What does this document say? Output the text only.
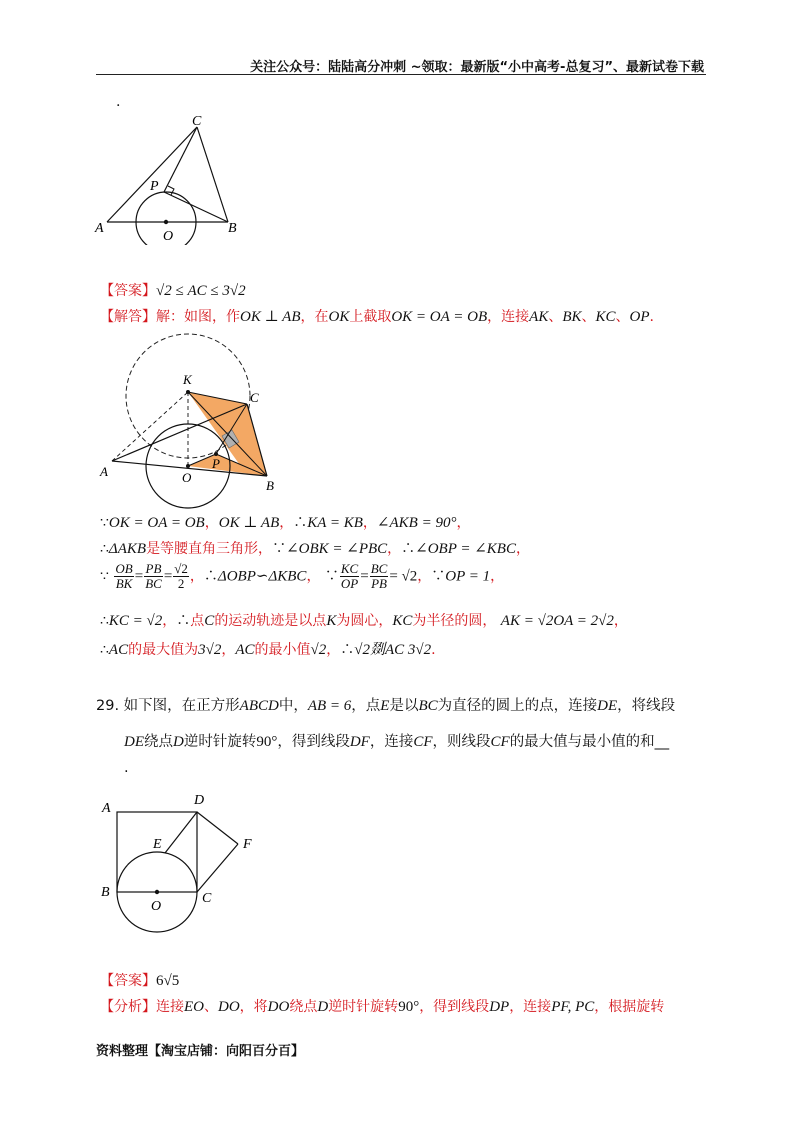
关注公众号：陆陆高分冲刺 ~领取：最新版“小中高考-总复习”、最新试卷下载
.
C
P
A
O
B
【答案】√2 ≤ AC ≤ 3√2
【解答】解：如图，作OK ⊥ AB，在OK上截取OK = OA = OB，连接AK、BK、KC、OP.
K
C
P
A	O
B
∵OK = OA = OB，OK ⊥ AB，∴KA = KB，∠AKB = 90°，
∴ΔAKB是等腰直角三角形，∵∠OBK = ∠PBC，∴∠OBP = ∠KBC，
∵ $\frac{OB}{BK} = \frac{PB}{BC} = \frac{√2}{2}$ ，∴ΔOBP∽ΔKBC， ∵ $\frac{KC}{OP} = \frac{BC}{PB} = √2$，∵OP = 1，
∴KC = √2，∴点C的运动轨迹是以点K为圆心，KC为半径的圆， AK = √2OA = 2√2，
∴AC的最大值为3√2，AC的最小值√2，∴√2剟AC 3√2.
29. 如下图，在正方形ABCD中，AB = 6，点E是以BC为直径的圆上的点，连接DE，将线段
DE绕点D逆时针旋转90°，得到线段DF，连接CF，则线段CF的最大值与最小值的和__
.
A
D
E	F
B
O
C
【答案】6√5
【分析】连接EO、DO，将DO绕点D逆时针旋转90°，得到线段DP，连接PF, PC，根据旋转
资料整理【淘宝店铺：向阳百分百】
